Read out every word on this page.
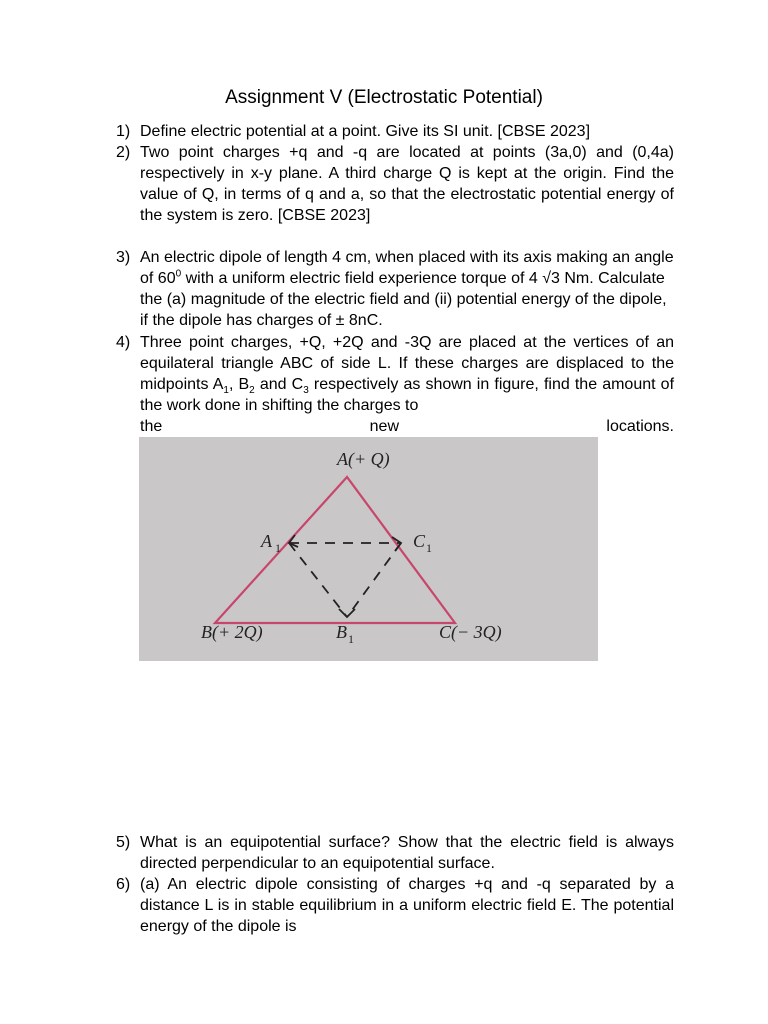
Assignment V (Electrostatic Potential)
1) Define electric potential at a point. Give its SI unit. [CBSE 2023]
2) Two point charges +q and -q are located at points (3a,0) and (0,4a) respectively in x-y plane. A third charge Q is kept at the origin. Find the value of Q, in terms of q and a, so that the electrostatic potential energy of the system is zero. [CBSE 2023]
3) An electric dipole of length 4 cm, when placed with its axis making an angle of $60^0$ with a uniform electric field experience torque of 4 √3 Nm. Calculate the (a) magnitude of the electric field and (ii) potential energy of the dipole, if the dipole has charges of ± 8nC.
4) Three point charges, +Q, +2Q and -3Q are placed at the vertices of an equilateral triangle ABC of side L. If these charges are displaced to the midpoints $A_1$, $B_2$ and $C_3$ respectively as shown in figure, find the amount of the work done in shifting the charges to
the	new	locations.
A(+ Q)
B(+ 2Q)	C(− 3Q)
A 1	C 1
B 1
5) What is an equipotential surface? Show that the electric field is always directed perpendicular to an equipotential surface.
6) (a) An electric dipole consisting of charges +q and -q separated by a distance L is in stable equilibrium in a uniform electric field E. The potential energy of the dipole is
